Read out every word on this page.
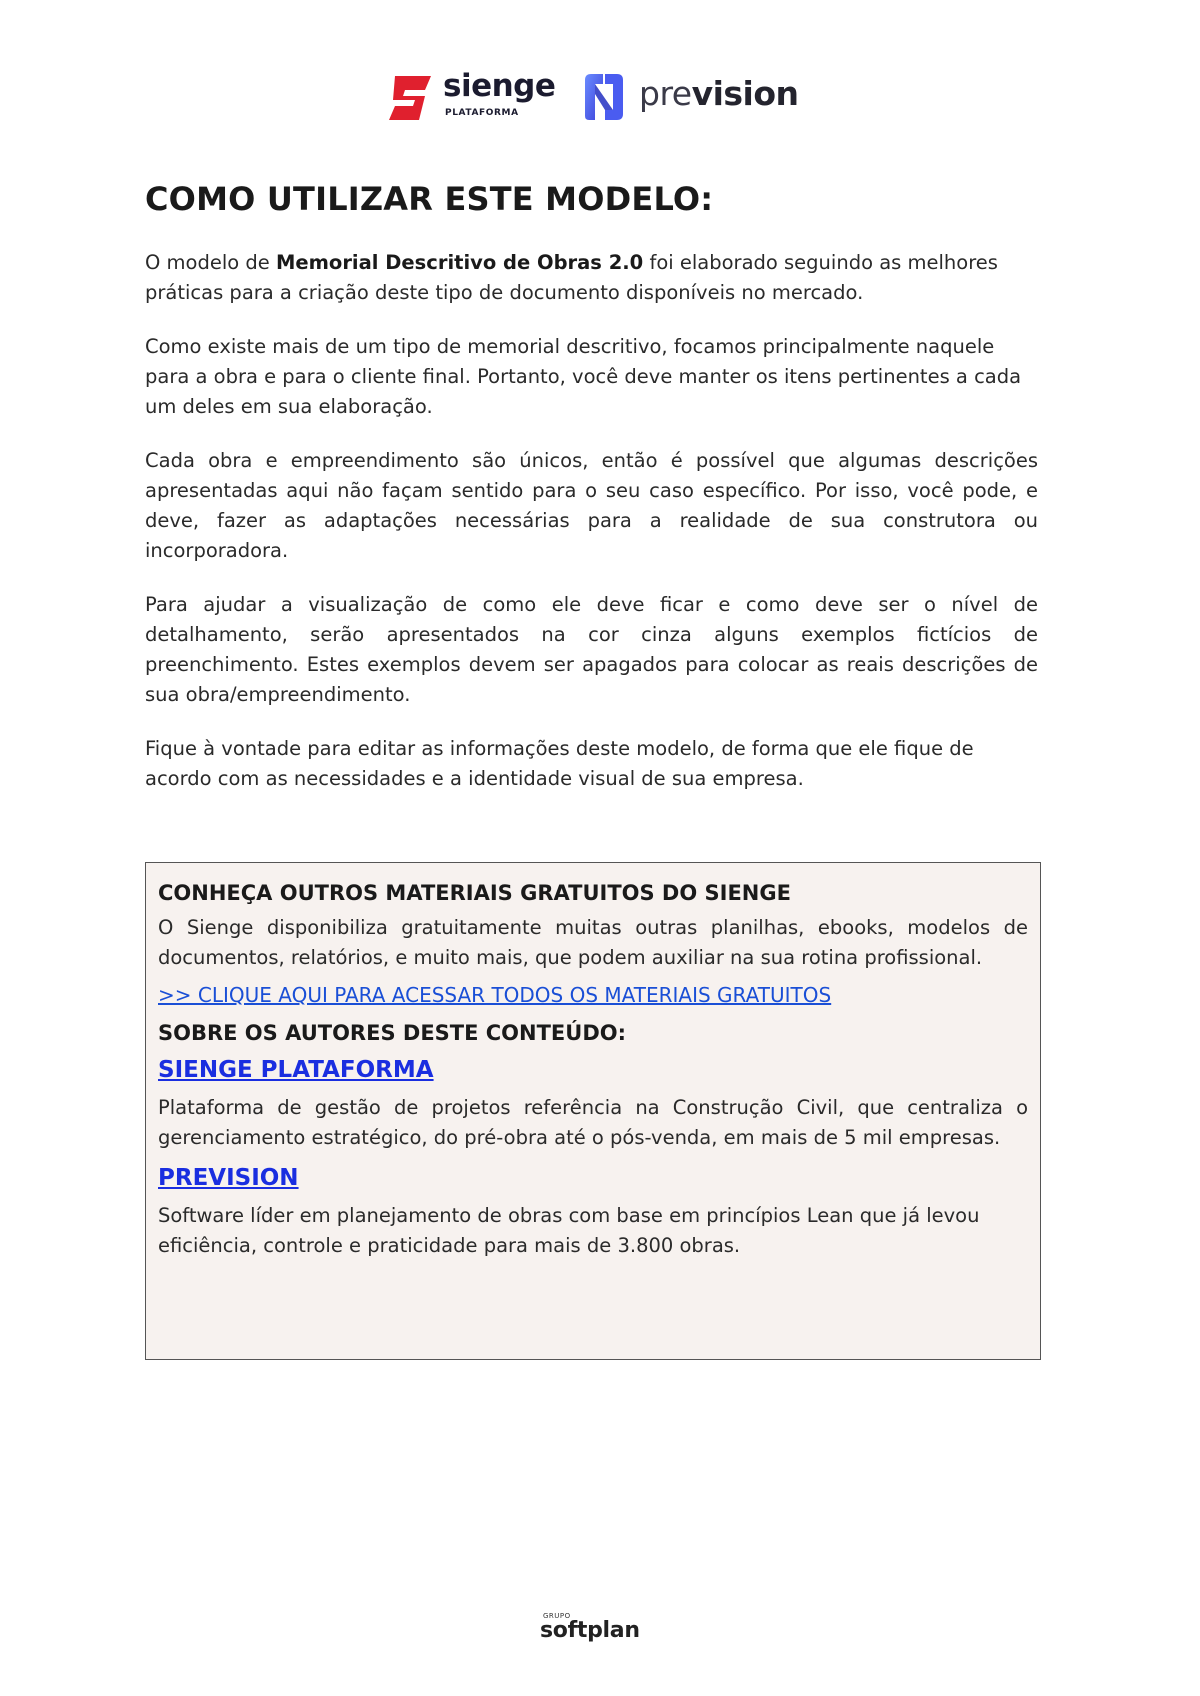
sienge
PLATAFORMA	prevision
COMO UTILIZAR ESTE MODELO:

O modelo de Memorial Descritivo de Obras 2.0 foi elaborado seguindo as melhores práticas para a criação deste tipo de documento disponíveis no mercado.

Como existe mais de um tipo de memorial descritivo, focamos principalmente naquele para a obra e para o cliente final. Portanto, você deve manter os itens pertinentes a cada um deles em sua elaboração.

Cada obra e empreendimento são únicos, então é possível que algumas descrições apresentadas aqui não façam sentido para o seu caso específico. Por isso, você pode, e deve, fazer as adaptações necessárias para a realidade de sua construtora ou incorporadora.

Para ajudar a visualização de como ele deve ficar e como deve ser o nível de detalhamento, serão apresentados na cor cinza alguns exemplos fictícios de preenchimento. Estes exemplos devem ser apagados para colocar as reais descrições de sua obra/empreendimento.

Fique à vontade para editar as informações deste modelo, de forma que ele fique de acordo com as necessidades e a identidade visual de sua empresa.

CONHEÇA OUTROS MATERIAIS GRATUITOS DO SIENGE

O Sienge disponibiliza gratuitamente muitas outras planilhas, ebooks, modelos de documentos, relatórios, e muito mais, que podem auxiliar na sua rotina profissional.

>> CLIQUE AQUI PARA ACESSAR TODOS OS MATERIAIS GRATUITOS
SOBRE OS AUTORES DESTE CONTEÚDO:
SIENGE PLATAFORMA

Plataforma de gestão de projetos referência na Construção Civil, que centraliza o gerenciamento estratégico, do pré-obra até o pós-venda, em mais de 5 mil empresas.

PREVISION

Software líder em planejamento de obras com base em princípios Lean que já levou eficiência, controle e praticidade para mais de 3.800 obras.

GRUPO
softplan
